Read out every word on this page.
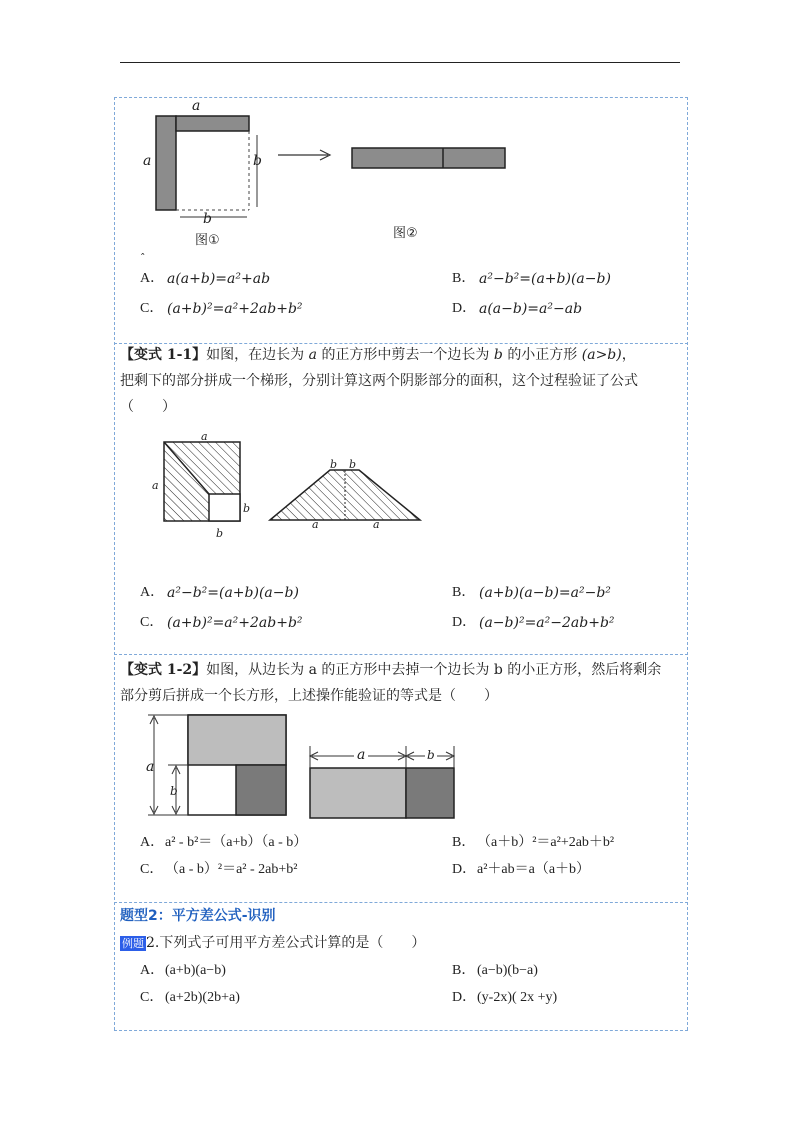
a
a	b
b
图①	图②
ˆ
A． a(a+b)=a²+ab	B． a²−b²=(a+b)(a−b)
C． (a+b)²=a²+2ab+b²	D． a(a−b)=a²−ab
【变式 1-1】如图，在边长为 a 的正方形中剪去一个边长为 b 的小正方形 (a>b)，
把剩下的部分拼成一个梯形，分别计算这两个阴影部分的面积，这个过程验证了公式
（　　）
a
a
b
b
b b
a	a
A． a²−b²=(a+b)(a−b)	B． (a+b)(a−b)=a²−b²
C． (a+b)²=a²+2ab+b²	D． (a−b)²=a²−2ab+b²
【变式 1-2】如图，从边长为 a 的正方形中去掉一个边长为 b 的小正方形，然后将剩余
部分剪后拼成一个长方形，上述操作能验证的等式是（　　）
a
b
a	b
A． a² - b²＝（a+b）（a - b）	B． （a＋b）²＝a²+2ab＋b²
C． （a - b）²＝a² - 2ab+b²	D． a²＋ab＝a（a＋b）
题型2：平方差公式-识别
例题 2.下列式子可用平方差公式计算的是（　　）
A． (a+b)(a−b)	B． (a−b)(b−a)
C． (a+2b)(2b+a)	D． (y-2x)( 2x +y)
